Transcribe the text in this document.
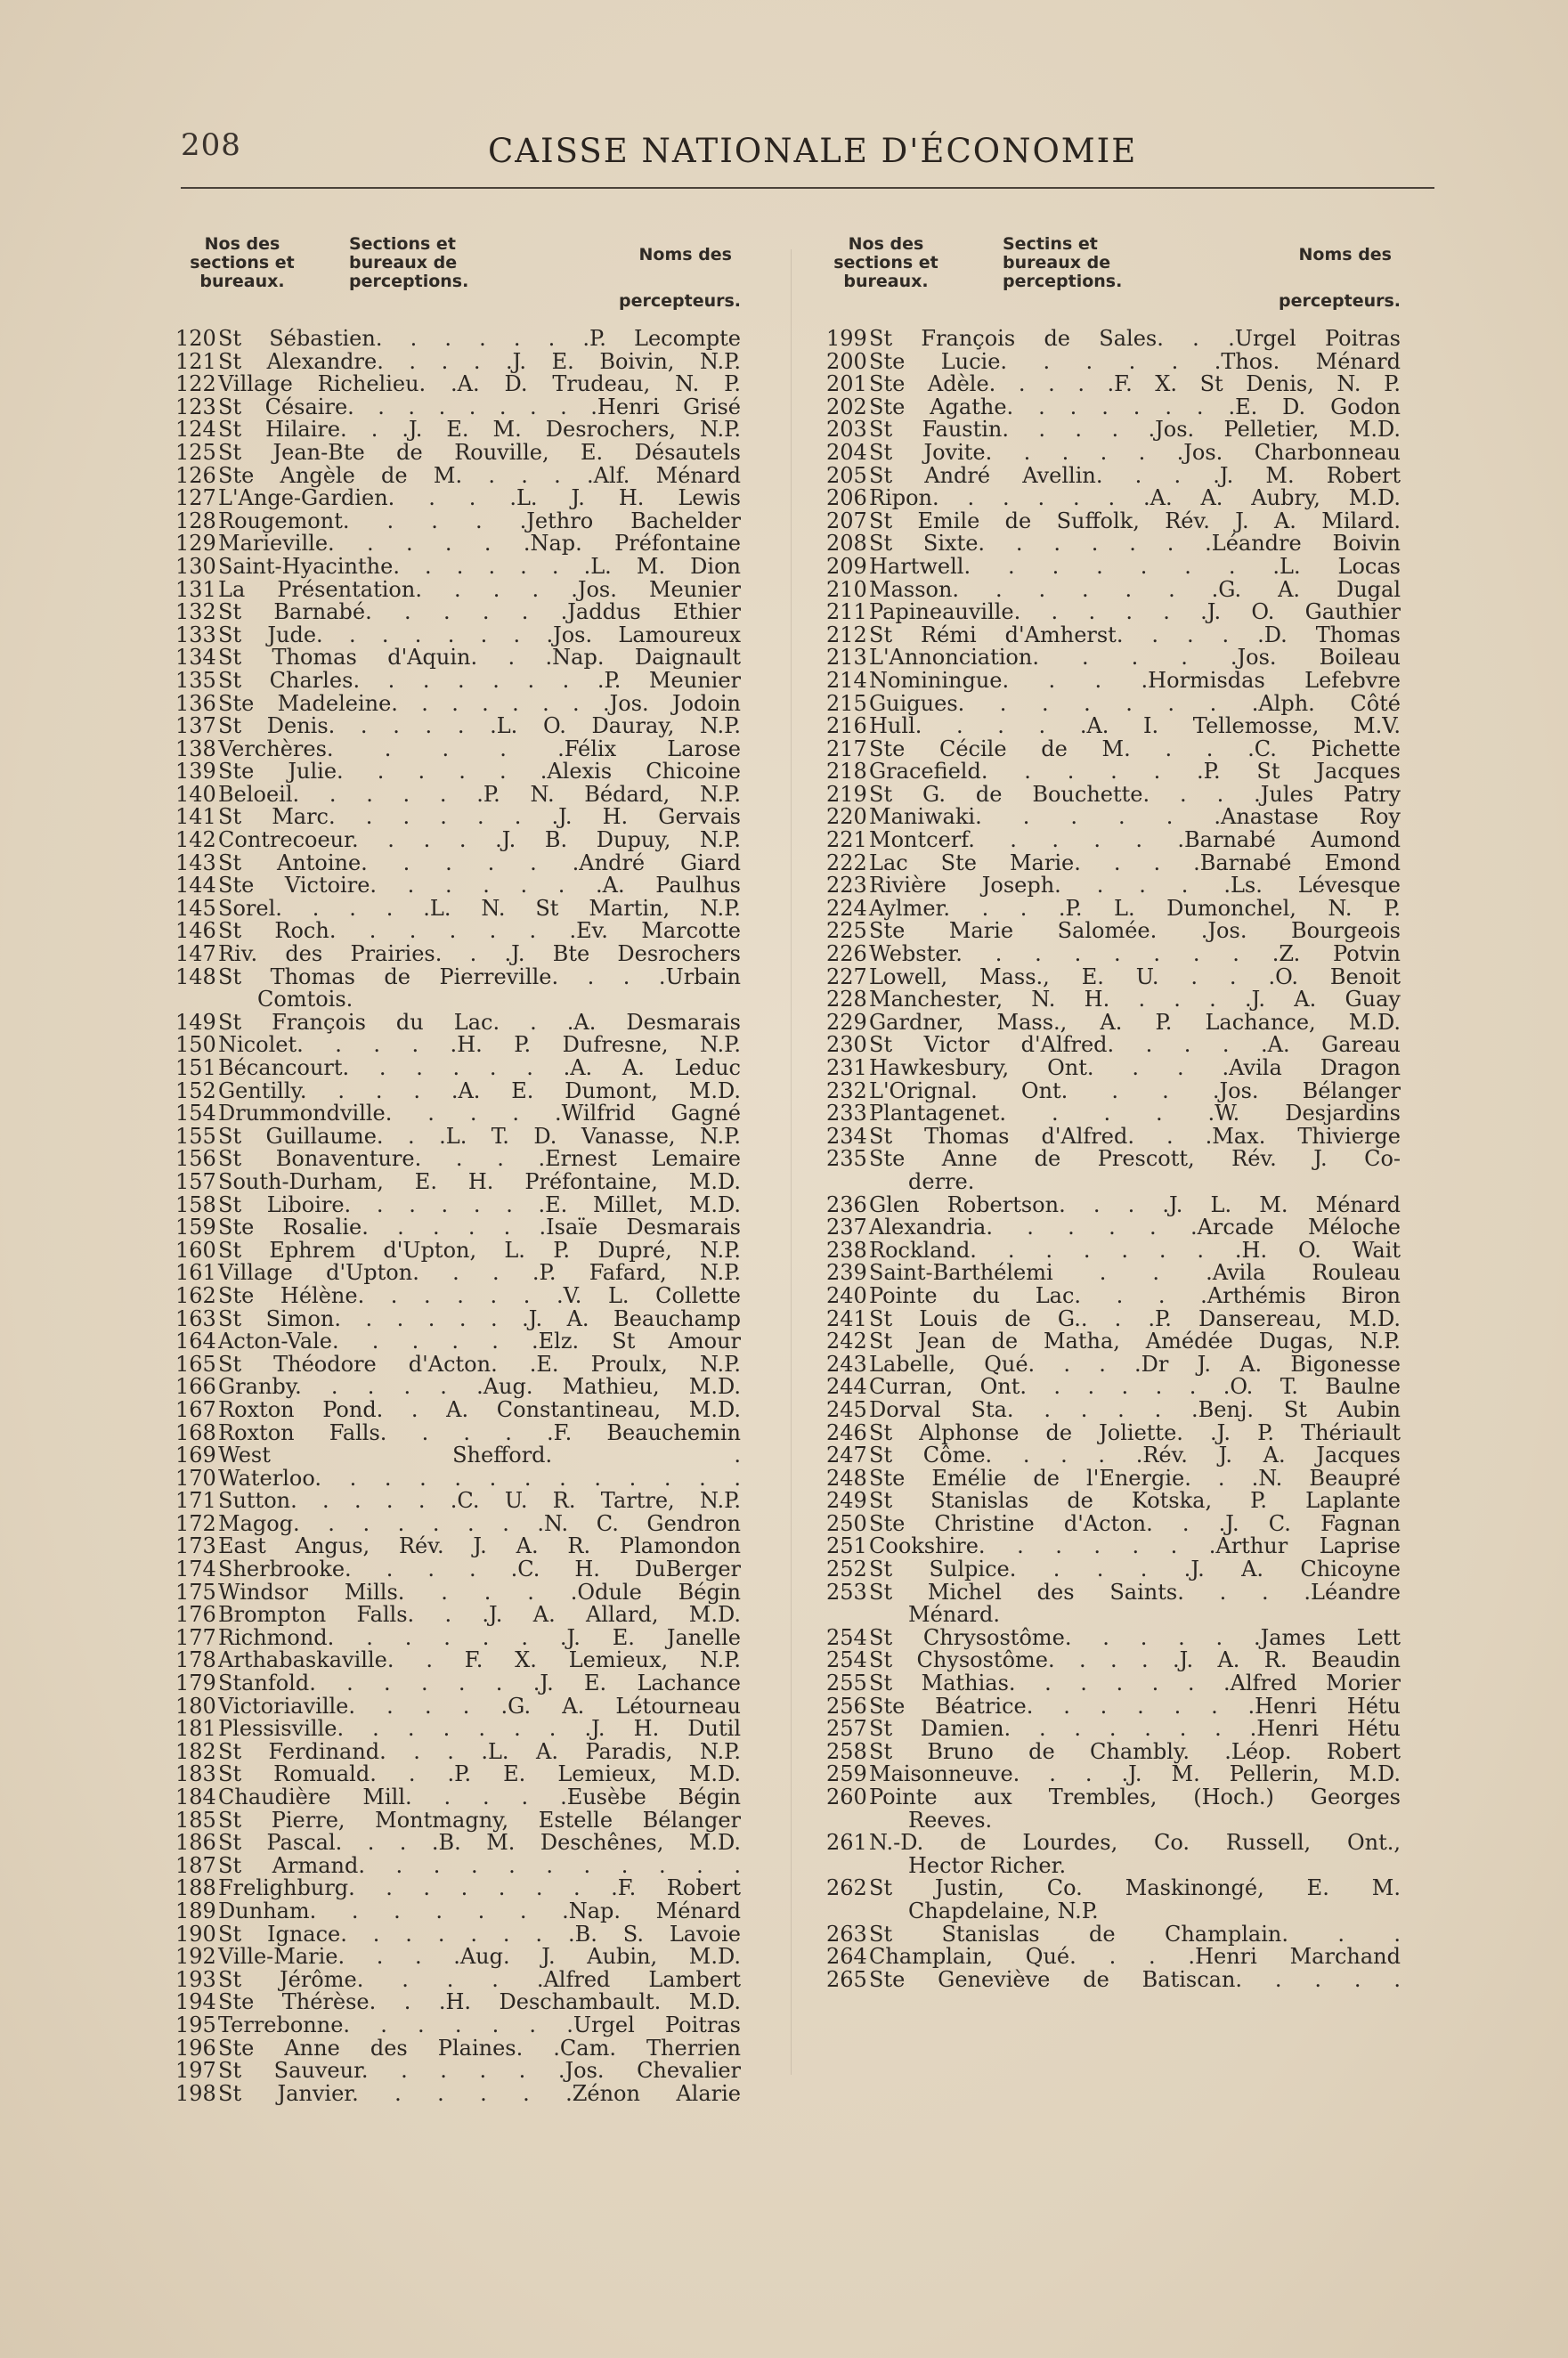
208	CAISSE NATIONALE D'ÉCONOMIE
Nos des sections et bureaux.
Sections et bureaux de perceptions.
Noms des
percepteurs.
120 St Sébastien. . . . . . .P. Lecompte
121 St Alexandre. . . . .J. E. Boivin, N.P.
122 Village Richelieu. .A. D. Trudeau, N. P.
123 St Césaire. . . . . . . . .Henri Grisé
124 St Hilaire. . .J. E. M. Desrochers, N.P.
125 St Jean-Bte de Rouville, E. Désautels
126 Ste Angèle de M. . . . .Alf. Ménard
127 L'Ange-Gardien. . . .L. J. H. Lewis
128 Rougemont. . . . .Jethro Bachelder
129 Marieville. . . . . .Nap. Préfontaine
130 Saint-Hyacinthe. . . . . . .L. M. Dion
131 La Présentation. . . . .Jos. Meunier
132 St Barnabé. . . . . .Jaddus Ethier
133 St Jude. . . . . . . .Jos. Lamoureux
134 St Thomas d'Aquin. . .Nap. Daignault
135 St Charles. . . . . . . .P. Meunier
136 Ste Madeleine. . . . . . . .Jos. Jodoin
137 St Denis. . . . . .L. O. Dauray, N.P.
138 Verchères. . . . .Félix Larose
139 Ste Julie. . . . . .Alexis Chicoine
140 Beloeil. . . . . .P. N. Bédard, N.P.
141 St Marc. . . . . . .J. H. Gervais
142 Contrecoeur. . . . .J. B. Dupuy, N.P.
143 St Antoine. . . . . .André Giard
144 Ste Victoire. . . . . . .A. Paulhus
145 Sorel. . . . .L. N. St Martin, N.P.
146 St Roch. . . . . . .Ev. Marcotte
147 Riv. des Prairies. . .J. Bte Desrochers
148 St Thomas de Pierreville. . . .Urbain
Comtois.
149 St François du Lac. . .A. Desmarais
150 Nicolet. . . . .H. P. Dufresne, N.P.
151 Bécancourt. . . . . . .A. A. Leduc
152 Gentilly. . . . .A. E. Dumont, M.D.
154 Drummondville. . . . .Wilfrid Gagné
155 St Guillaume. . .L. T. D. Vanasse, N.P.
156 St Bonaventure. . . .Ernest Lemaire
157 South-Durham, E. H. Préfontaine, M.D.
158 St Liboire. . . . . . .E. Millet, M.D.
159 Ste Rosalie. . . . . .Isaïe Desmarais
160 St Ephrem d'Upton, L. P. Dupré, N.P.
161 Village d'Upton. . . .P. Fafard, N.P.
162 Ste Hélène. . . . . . .V. L. Collette
163 St Simon. . . . . . .J. A. Beauchamp
164 Acton-Vale. . . . . .Elz. St Amour
165 St Théodore d'Acton. .E. Proulx, N.P.
166 Granby. . . . . .Aug. Mathieu, M.D.
167 Roxton Pond. . A. Constantineau, M.D.
168 Roxton Falls. . . . .F. Beauchemin
169 West Shefford. .
170 Waterloo. . . . . . . . . . . . .
171 Sutton. . . . . .C. U. R. Tartre, N.P.
172 Magog. . . . . . . .N. C. Gendron
173 East Angus, Rév. J. A. R. Plamondon
174 Sherbrooke. . . . .C. H. DuBerger
175 Windsor Mills. . . . .Odule Bégin
176 Brompton Falls. . .J. A. Allard, M.D.
177 Richmond. . . . . . .J. E. Janelle
178 Arthabaskaville. . F. X. Lemieux, N.P.
179 Stanfold. . . . . . .J. E. Lachance
180 Victoriaville. . . . .G. A. Létourneau
181 Plessisville. . . . . . . .J. H. Dutil
182 St Ferdinand. . . .L. A. Paradis, N.P.
183 St Romuald. . .P. E. Lemieux, M.D.
184 Chaudière Mill. . . . .Eusèbe Bégin
185 St Pierre, Montmagny, Estelle Bélanger
186 St Pascal. . . .B. M. Deschênes, M.D.
187 St Armand. . . . . . . . . . .
188 Frelighburg. . . . . . . .F. Robert
189 Dunham. . . . . . .Nap. Ménard
190 St Ignace. . . . . . . .B. S. Lavoie
192 Ville-Marie. . . .Aug. J. Aubin, M.D.
193 St Jérôme. . . . .Alfred Lambert
194 Ste Thérèse. . .H. Deschambault. M.D.
195 Terrebonne. . . . . . .Urgel Poitras
196 Ste Anne des Plaines. .Cam. Therrien
197 St Sauveur. . . . . .Jos. Chevalier
198 St Janvier. . . . . .Zénon Alarie
Nos des sections et bureaux.
Sectins et bureaux de perceptions.
Noms des
percepteurs.
199 St François de Sales. . .Urgel Poitras
200 Ste Lucie. . . . . .Thos. Ménard
201 Ste Adèle. . . . .F. X. St Denis, N. P.
202 Ste Agathe. . . . . . . .E. D. Godon
203 St Faustin. . . . .Jos. Pelletier, M.D.
204 St Jovite. . . . . .Jos. Charbonneau
205 St André Avellin. . . .J. M. Robert
206 Ripon. . . . . . .A. A. Aubry, M.D.
207 St Emile de Suffolk, Rév. J. A. Milard.
208 St Sixte. . . . . . .Léandre Boivin
209 Hartwell. . . . . . . .L. Locas
210 Masson. . . . . . .G. A. Dugal
211 Papineauville. . . . . .J. O. Gauthier
212 St Rémi d'Amherst. . . . .D. Thomas
213 L'Annonciation. . . . .Jos. Boileau
214 Nominingue. . . .Hormisdas Lefebvre
215 Guigues. . . . . . . .Alph. Côté
216 Hull. . . . .A. I. Tellemosse, M.V.
217 Ste Cécile de M. . . .C. Pichette
218 Gracefield. . . . . .P. St Jacques
219 St G. de Bouchette. . . .Jules Patry
220 Maniwaki. . . . . .Anastase Roy
221 Montcerf. . . . . .Barnabé Aumond
222 Lac Ste Marie. . . .Barnabé Emond
223 Rivière Joseph. . . . .Ls. Lévesque
224 Aylmer. . . .P. L. Dumonchel, N. P.
225 Ste Marie Salomée. .Jos. Bourgeois
226 Webster. . . . . . . . .Z. Potvin
227 Lowell, Mass., E. U. . . .O. Benoit
228 Manchester, N. H. . . . .J. A. Guay
229 Gardner, Mass., A. P. Lachance, M.D.
230 St Victor d'Alfred. . . . .A. Gareau
231 Hawkesbury, Ont. . . .Avila Dragon
232 L'Orignal. Ont. . . .Jos. Bélanger
233 Plantagenet. . . . .W. Desjardins
234 St Thomas d'Alfred. . .Max. Thivierge
235 Ste Anne de Prescott, Rév. J. Co-
derre.
236 Glen Robertson. . . .J. L. M. Ménard
237 Alexandria. . . . . .Arcade Méloche
238 Rockland. . . . . . . .H. O. Wait
239 Saint-Barthélemi . . .Avila Rouleau
240 Pointe du Lac. . . .Arthémis Biron
241 St Louis de G.. . .P. Dansereau, M.D.
242 St Jean de Matha, Amédée Dugas, N.P.
243 Labelle, Qué. . . .Dr J. A. Bigonesse
244 Curran, Ont. . . . . . .O. T. Baulne
245 Dorval Sta. . . . . .Benj. St Aubin
246 St Alphonse de Joliette. .J. P. Thériault
247 St Côme. . . . .Rév. J. A. Jacques
248 Ste Emélie de l'Energie. . .N. Beaupré
249 St Stanislas de Kotska, P. Laplante
250 Ste Christine d'Acton. . .J. C. Fagnan
251 Cookshire. . . . . . .Arthur Laprise
252 St Sulpice. . . . .J. A. Chicoyne
253 St Michel des Saints. . . .Léandre
Ménard.
254 St Chrysostôme. . . . . .James Lett
254 St Chysostôme. . . . .J. A. R. Beaudin
255 St Mathias. . . . . . .Alfred Morier
256 Ste Béatrice. . . . . . .Henri Hétu
257 St Damien. . . . . . . .Henri Hétu
258 St Bruno de Chambly. .Léop. Robert
259 Maisonneuve. . . .J. M. Pellerin, M.D.
260 Pointe aux Trembles, (Hoch.) Georges
Reeves.
261 N.-D. de Lourdes, Co. Russell, Ont.,
Hector Richer.
262 St Justin, Co. Maskinongé, E. M.
Chapdelaine, N.P.
263 St Stanislas de Champlain. . .
264 Champlain, Qué. . . .Henri Marchand
265 Ste Geneviève de Batiscan. . . . .
